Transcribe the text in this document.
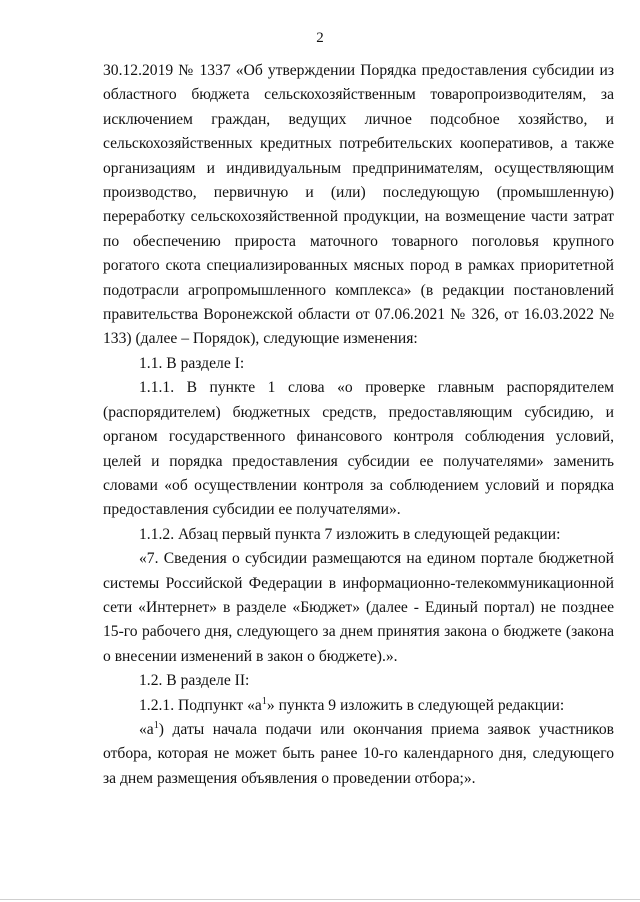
2

30.12.2019 № 1337 «Об утверждении Порядка предоставления субсидии из областного бюджета сельскохозяйственным товаропроизводителям, за исключением граждан, ведущих личное подсобное хозяйство, и сельскохозяйственных кредитных потребительских кооперативов, а также организациям и индивидуальным предпринимателям, осуществляющим производство, первичную и (или) последующую (промышленную) переработку сельскохозяйственной продукции, на возмещение части затрат по обеспечению прироста маточного товарного поголовья крупного рогатого скота специализированных мясных пород в рамках приоритетной подотрасли агропромышленного комплекса» (в редакции постановлений правительства Воронежской области от 07.06.2021 № 326, от 16.03.2022 № 133) (далее – Порядок), следующие изменения:

1.1. В разделе I:

1.1.1. В пункте 1 слова «о проверке главным распорядителем (распорядителем) бюджетных средств, предоставляющим субсидию, и органом государственного финансового контроля соблюдения условий, целей и порядка предоставления субсидии ее получателями» заменить словами «об осуществлении контроля за соблюдением условий и порядка предоставления субсидии ее получателями».

1.1.2. Абзац первый пункта 7 изложить в следующей редакции:

«7. Сведения о субсидии размещаются на едином портале бюджетной системы Российской Федерации в информационно-телекоммуникационной сети «Интернет» в разделе «Бюджет» (далее - Единый портал) не позднее 15-го рабочего дня, следующего за днем принятия закона о бюджете (закона о внесении изменений в закон о бюджете).».

1.2. В разделе II:

1.2.1. Подпункт «$а^1$» пункта 9 изложить в следующей редакции:

«$а^1$) даты начала подачи или окончания приема заявок участников отбора, которая не может быть ранее 10-го календарного дня, следующего за днем размещения объявления о проведении отбора;».
